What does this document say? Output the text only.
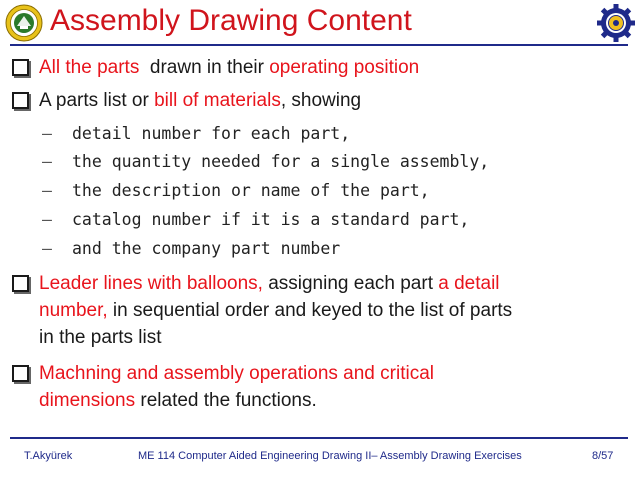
Assembly Drawing Content
All the parts  drawn in their operating position
A parts list or bill of materials, showing
– detail number for each part,
– the quantity needed for a single assembly,
– the description or name of the part,
– catalog number if it is a standard part,
– and the company part number
Leader lines with balloons, assigning each part a detail
number, in sequential order and keyed to the list of parts
in the parts list
Machning and assembly operations and critical
dimensions related the functions.
T.Akyürek	ME 114 Computer Aided Engineering Drawing II– Assembly Drawing Exercises	8/57
